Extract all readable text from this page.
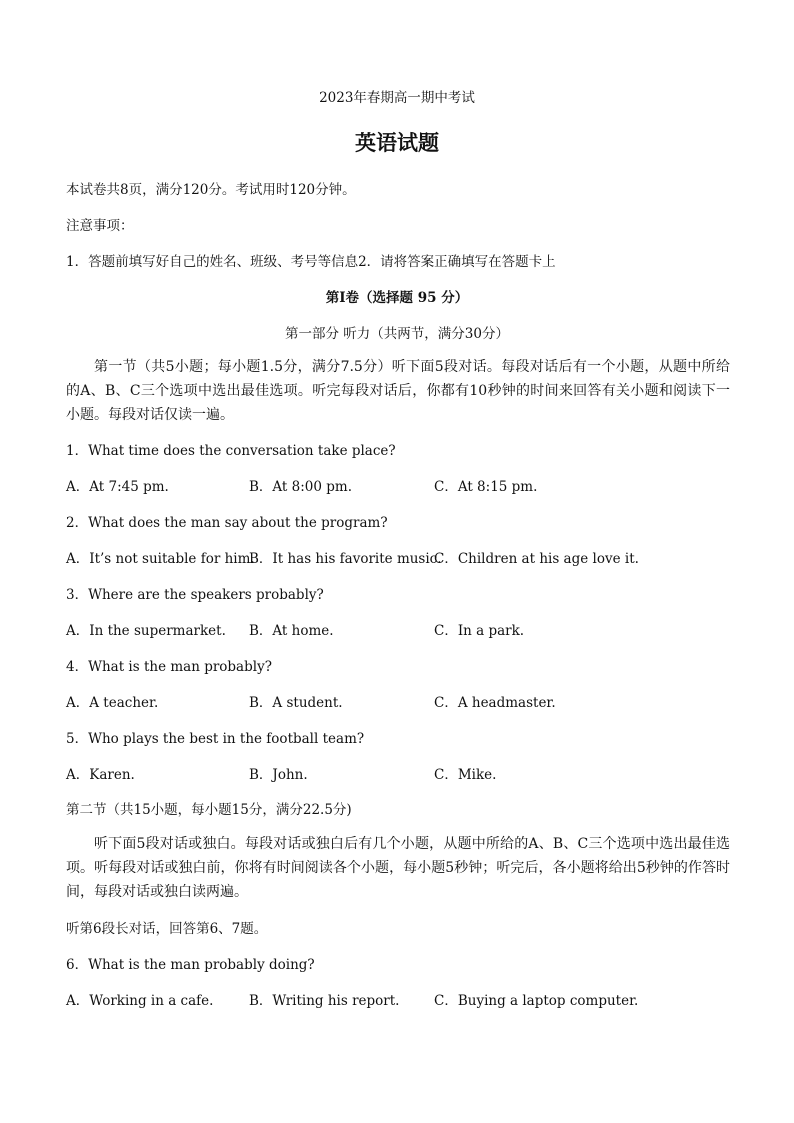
2023年春期高一期中考试
英语试题
本试卷共8页，满分120分。考试用时120分钟。
注意事项：
1．答题前填写好自己的姓名、班级、考号等信息2．请将答案正确填写在答题卡上
第I卷（选择题 95 分）
第一部分 听力（共两节，满分30分）
第一节（共5小题；每小题1.5分，满分7.5分）听下面5段对话。每段对话后有一个小题，从题中所给的A、B、C三个选项中选出最佳选项。听完每段对话后，你都有10秒钟的时间来回答有关小题和阅读下一小题。每段对话仅读一遍。
1．What time does the conversation take place?
A．At 7:45 pm.	B．At 8:00 pm.	C．At 8:15 pm.
2．What does the man say about the program?
A．It’s not suitable for him.
B．It has his favorite music.
C．Children at his age love it.
3．Where are the speakers probably?
A．In the supermarket. B．At home.	C．In a park.
4．What is the man probably?
A．A teacher.	B．A student.	C．A headmaster.
5．Who plays the best in the football team?
A．Karen.	B．John.	C．Mike.
第二节（共15小题，每小题15分，满分22.5分)
听下面5段对话或独白。每段对话或独白后有几个小题，从题中所给的A、B、C三个选项中选出最佳选项。听每段对话或独白前，你将有时间阅读各个小题，每小题5秒钟；听完后，各小题将给出5秒钟的作答时间，每段对话或独白读两遍。
听第6段长对话，回答第6、7题。
6．What is the man probably doing?
A．Working in a cafe.	B．Writing his report.	C．Buying a laptop computer.
